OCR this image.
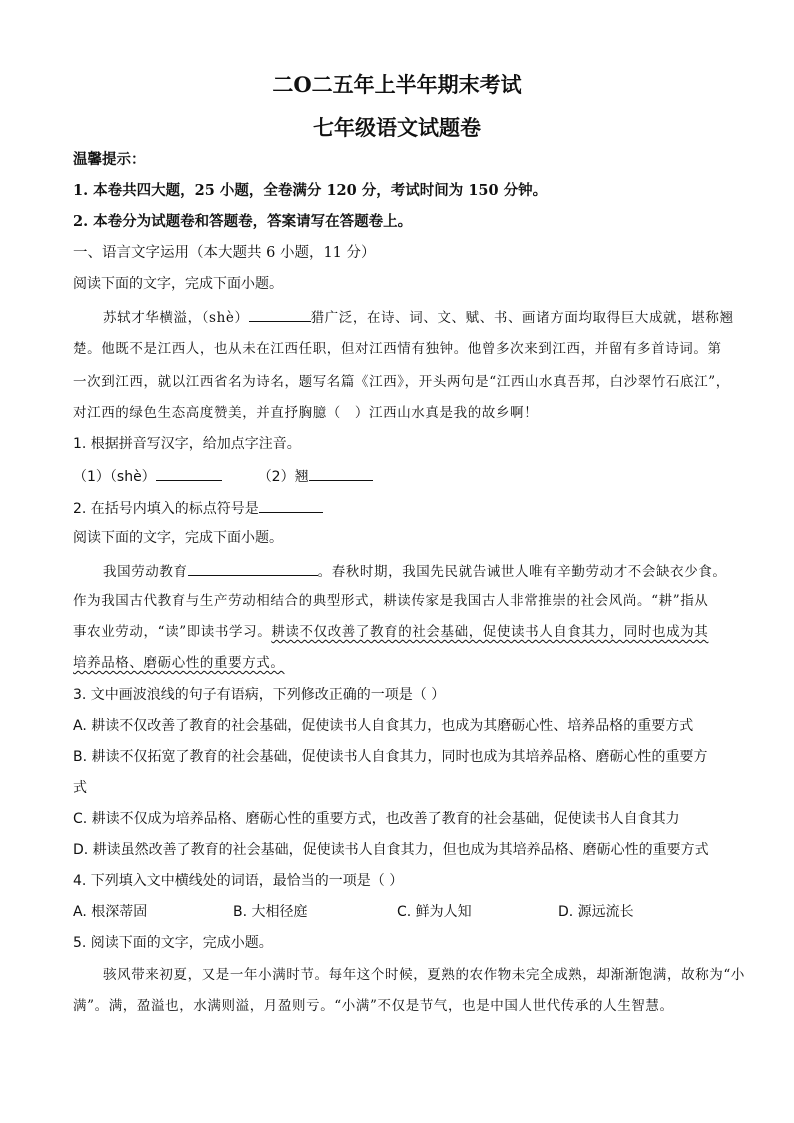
二O二五年上半年期末考试
七年级语文试题卷
温馨提示：
1. 本卷共四大题，25 小题，全卷满分 120 分，考试时间为 150 分钟。
2. 本卷分为试题卷和答题卷，答案请写在答题卷上。
一、语言文字运用（本大题共 6 小题，11 分）
阅读下面的文字，完成下面小题。
苏轼才华横溢，（shè）	猎广泛，在诗、词、文、赋、书、画诸方面均取得巨大成就，堪称翘
楚。他既不是江西人，也从未在江西任职，但对江西情有独钟。他曾多次来到江西，并留有多首诗词。第
一次到江西，就以江西省名为诗名，题写名篇《江西》，开头两句是“江西山水真吾邦，白沙翠竹石底江”，
对江西的绿色生态高度赞美，并直抒胸臆（ ）江西山水真是我的故乡啊！
1. 根据拼音写汉字，给加点字注音。
（1）（shè）	（2）翘
2. 在括号内填入的标点符号是
阅读下面的文字，完成下面小题。
我国劳动教育	。春秋时期，我国先民就告诫世人唯有辛勤劳动才不会缺衣少食。
作为我国古代教育与生产劳动相结合的典型形式，耕读传家是我国古人非常推崇的社会风尚。“耕”指从
事农业劳动，“读”即读书学习。耕读不仅改善了教育的社会基础，促使读书人自食其力，同时也成为其
培养品格、磨砺心性的重要方式。
3. 文中画波浪线的句子有语病，下列修改正确的一项是（ ）
A. 耕读不仅改善了教育的社会基础，促使读书人自食其力，也成为其磨砺心性、培养品格的重要方式
B. 耕读不仅拓宽了教育的社会基础，促使读书人自食其力，同时也成为其培养品格、磨砺心性的重要方
式
C. 耕读不仅成为培养品格、磨砺心性的重要方式，也改善了教育的社会基础，促使读书人自食其力
D. 耕读虽然改善了教育的社会基础，促使读书人自食其力，但也成为其培养品格、磨砺心性的重要方式
4. 下列填入文中横线处的词语，最恰当的一项是（ ）
A. 根深蒂固	B. 大相径庭	C. 鲜为人知	D. 源远流长
5. 阅读下面的文字，完成小题。
骇风带来初夏，又是一年小满时节。每年这个时候，夏熟的农作物未完全成熟，却渐渐饱满，故称为“小
满”。满，盈溢也，水满则溢，月盈则亏。“小满”不仅是节气，也是中国人世代传承的人生智慧。
